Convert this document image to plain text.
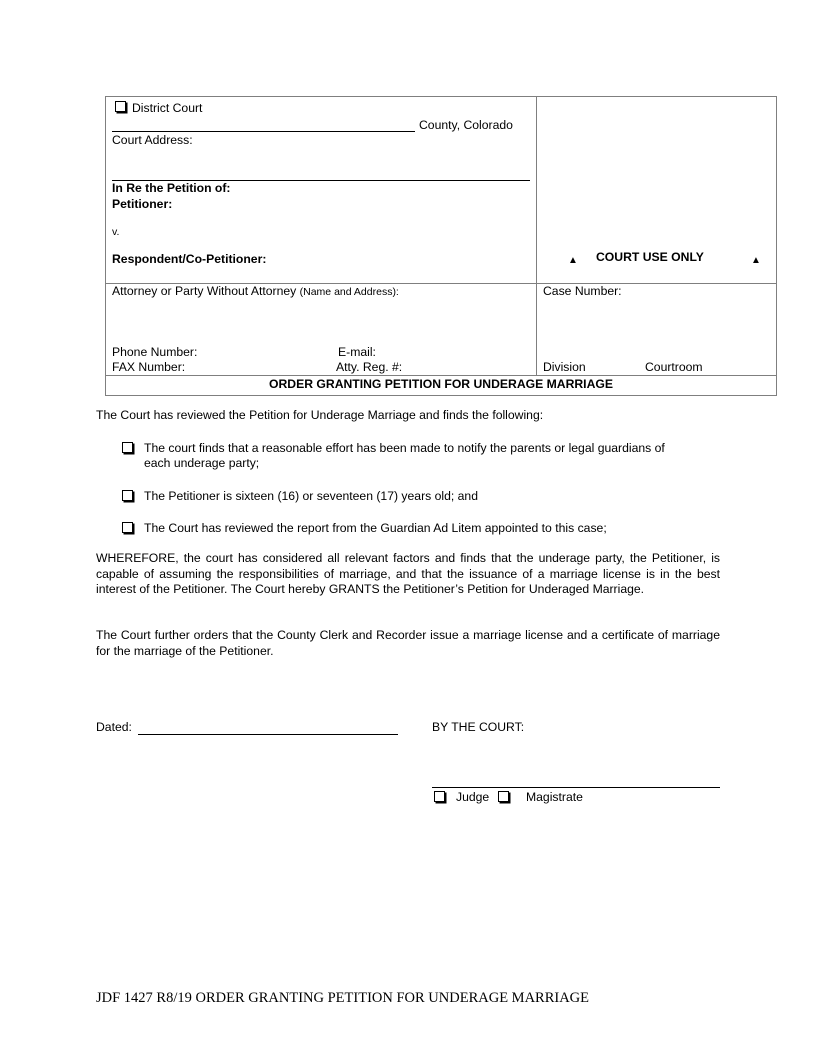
District Court
County, Colorado
Court Address:
In Re the Petition of:
Petitioner:
v.
Respondent/Co-Petitioner:	▲ COURT USE ONLY	▲
Attorney or Party Without Attorney (Name and Address):	Case Number:
Phone Number:	E-mail:
FAX Number:	Atty. Reg. #:	Division	Courtroom
ORDER GRANTING PETITION FOR UNDERAGE MARRIAGE
The Court has reviewed the Petition for Underage Marriage and finds the following:
The court finds that a reasonable effort has been made to notify the parents or legal guardians of
each underage party;
The Petitioner is sixteen (16) or seventeen (17) years old; and
The Court has reviewed the report from the Guardian Ad Litem appointed to this case;
WHEREFORE, the court has considered all relevant factors and finds that the underage party, the Petitioner, is capable of assuming the responsibilities of marriage, and that the issuance of a marriage license is in the best interest of the Petitioner. The Court hereby GRANTS the Petitioner’s Petition for Underaged Marriage.
The Court further orders that the County Clerk and Recorder issue a marriage license and a certificate of marriage for the marriage of the Petitioner.
Dated:	BY THE COURT:
Judge	Magistrate
JDF 1427 R8/19 ORDER GRANTING PETITION FOR UNDERAGE MARRIAGE
